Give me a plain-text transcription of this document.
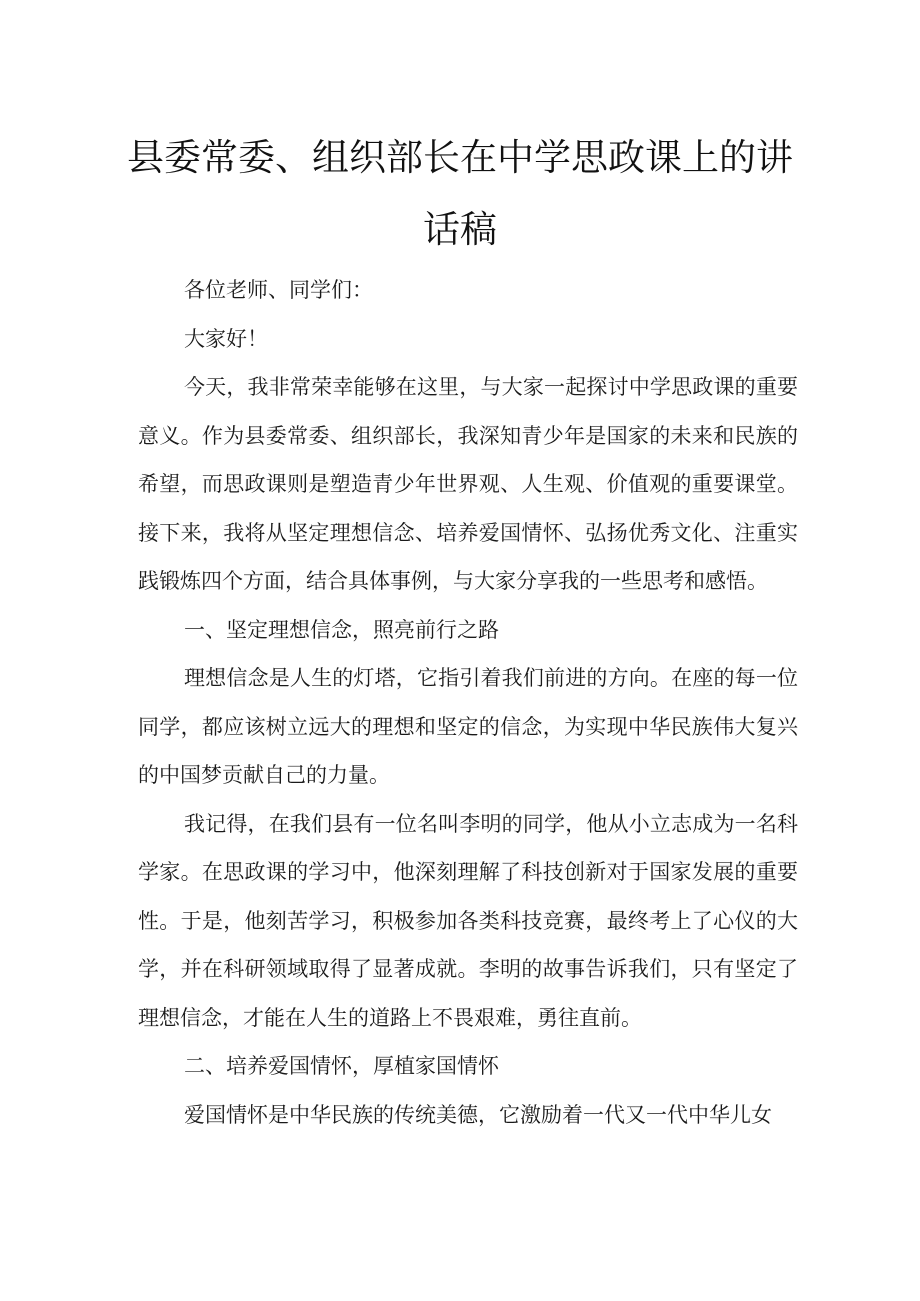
县委常委、组织部长在中学思政课上的讲
话稿

各位老师、同学们：

大家好！

今天，我非常荣幸能够在这里，与大家一起探讨中学思政课的重要意义。作为县委常委、组织部长，我深知青少年是国家的未来和民族的希望，而思政课则是塑造青少年世界观、人生观、价值观的重要课堂。接下来，我将从坚定理想信念、培养爱国情怀、弘扬优秀文化、注重实践锻炼四个方面，结合具体事例，与大家分享我的一些思考和感悟。

一、坚定理想信念，照亮前行之路

理想信念是人生的灯塔，它指引着我们前进的方向。在座的每一位同学，都应该树立远大的理想和坚定的信念，为实现中华民族伟大复兴的中国梦贡献自己的力量。

我记得，在我们县有一位名叫李明的同学，他从小立志成为一名科学家。在思政课的学习中，他深刻理解了科技创新对于国家发展的重要性。于是，他刻苦学习，积极参加各类科技竞赛，最终考上了心仪的大学，并在科研领域取得了显著成就。李明的故事告诉我们，只有坚定了理想信念，才能在人生的道路上不畏艰难，勇往直前。

二、培养爱国情怀，厚植家国情怀

爱国情怀是中华民族的传统美德，它激励着一代又一代中华儿女
